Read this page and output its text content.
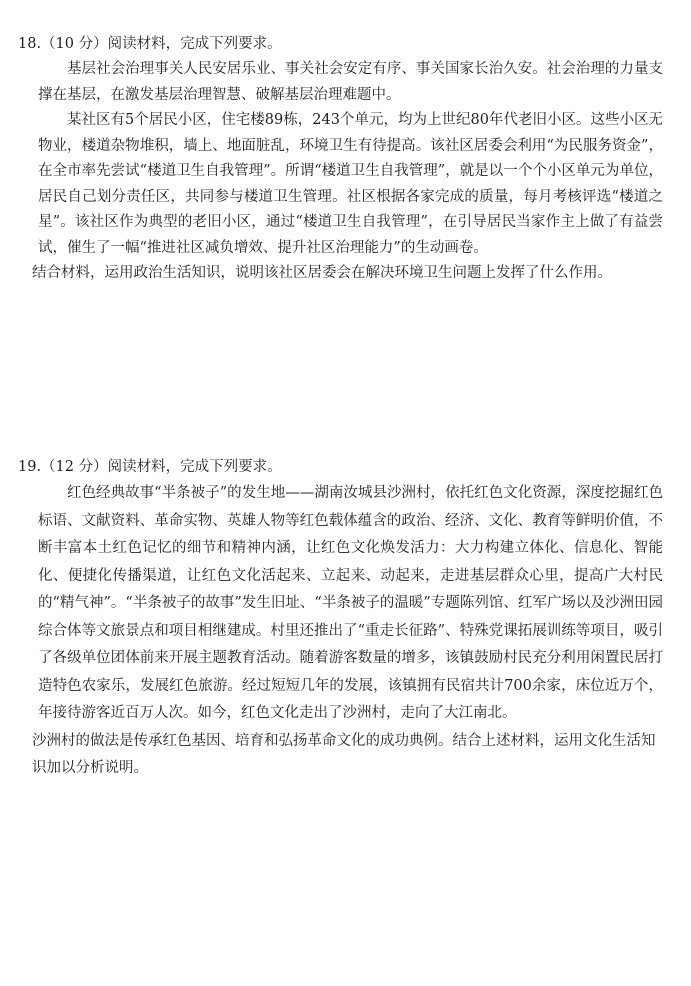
18.（10 分）阅读材料，完成下列要求。

基层社会治理事关人民安居乐业、事关社会安定有序、事关国家长治久安。社会治理的力量支撑在基层，在激发基层治理智慧、破解基层治理难题中。

某社区有5个居民小区，住宅楼89栋，243个单元，均为上世纪80年代老旧小区。这些小区无物业，楼道杂物堆积，墙上、地面脏乱，环境卫生有待提高。该社区居委会利用“为民服务资金”，在全市率先尝试“楼道卫生自我管理”。所谓“楼道卫生自我管理”，就是以一个个小区单元为单位，居民自己划分责任区，共同参与楼道卫生管理。社区根据各家完成的质量，每月考核评选“楼道之星”。该社区作为典型的老旧小区，通过“楼道卫生自我管理”，在引导居民当家作主上做了有益尝试，催生了一幅“推进社区减负增效、提升社区治理能力”的生动画卷。

结合材料，运用政治生活知识，说明该社区居委会在解决环境卫生问题上发挥了什么作用。

19.（12 分）阅读材料，完成下列要求。

红色经典故事“半条被子”的发生地——湖南汝城县沙洲村，依托红色文化资源，深度挖掘红色标语、文献资料、革命实物、英雄人物等红色载体蕴含的政治、经济、文化、教育等鲜明价值，不断丰富本土红色记忆的细节和精神内涵，让红色文化焕发活力：大力构建立体化、信息化、智能化、便捷化传播渠道，让红色文化活起来、立起来、动起来，走进基层群众心里，提高广大村民的“精气神”。“半条被子的故事”发生旧址、“半条被子的温暖”专题陈列馆、红军广场以及沙洲田园综合体等文旅景点和项目相继建成。村里还推出了“重走长征路”、特殊党课拓展训练等项目，吸引了各级单位团体前来开展主题教育活动。随着游客数量的增多，该镇鼓励村民充分利用闲置民居打造特色农家乐，发展红色旅游。经过短短几年的发展，该镇拥有民宿共计700余家，床位近万个，年接待游客近百万人次。如今，红色文化走出了沙洲村，走向了大江南北。

沙洲村的做法是传承红色基因、培育和弘扬革命文化的成功典例。结合上述材料，运用文化生活知识加以分析说明。
